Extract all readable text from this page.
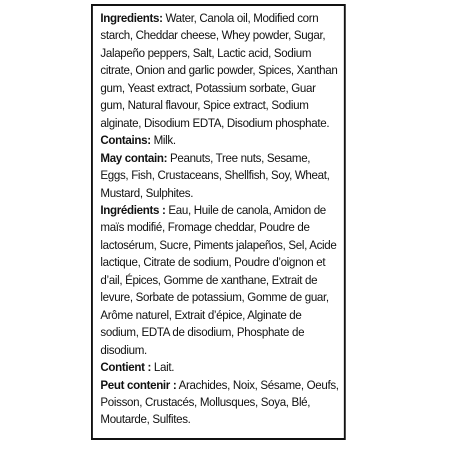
Ingredients: Water, Canola oil, Modified corn starch, Cheddar cheese, Whey powder, Sugar, Jalapeño peppers, Salt, Lactic acid, Sodium citrate, Onion and garlic powder, Spices, Xanthan gum, Yeast extract, Potassium sorbate, Guar gum, Natural flavour, Spice extract, Sodium alginate, Disodium EDTA, Disodium phosphate.

Contains: Milk.

May contain: Peanuts, Tree nuts, Sesame, Eggs, Fish, Crustaceans, Shellfish, Soy, Wheat, Mustard, Sulphites.

Ingrédients : Eau, Huile de canola, Amidon de maïs modifié, Fromage cheddar, Poudre de lactosérum, Sucre, Piments jalapeños, Sel, Acide lactique, Citrate de sodium, Poudre d’oignon et d’ail, Épices, Gomme de xanthane, Extrait de levure, Sorbate de potassium, Gomme de guar, Arôme naturel, Extrait d’épice, Alginate de sodium, EDTA de disodium, Phosphate de disodium.

Contient : Lait.

Peut contenir : Arachides, Noix, Sésame, Oeufs, Poisson, Crustacés, Mollusques, Soya, Blé, Moutarde, Sulfites.
